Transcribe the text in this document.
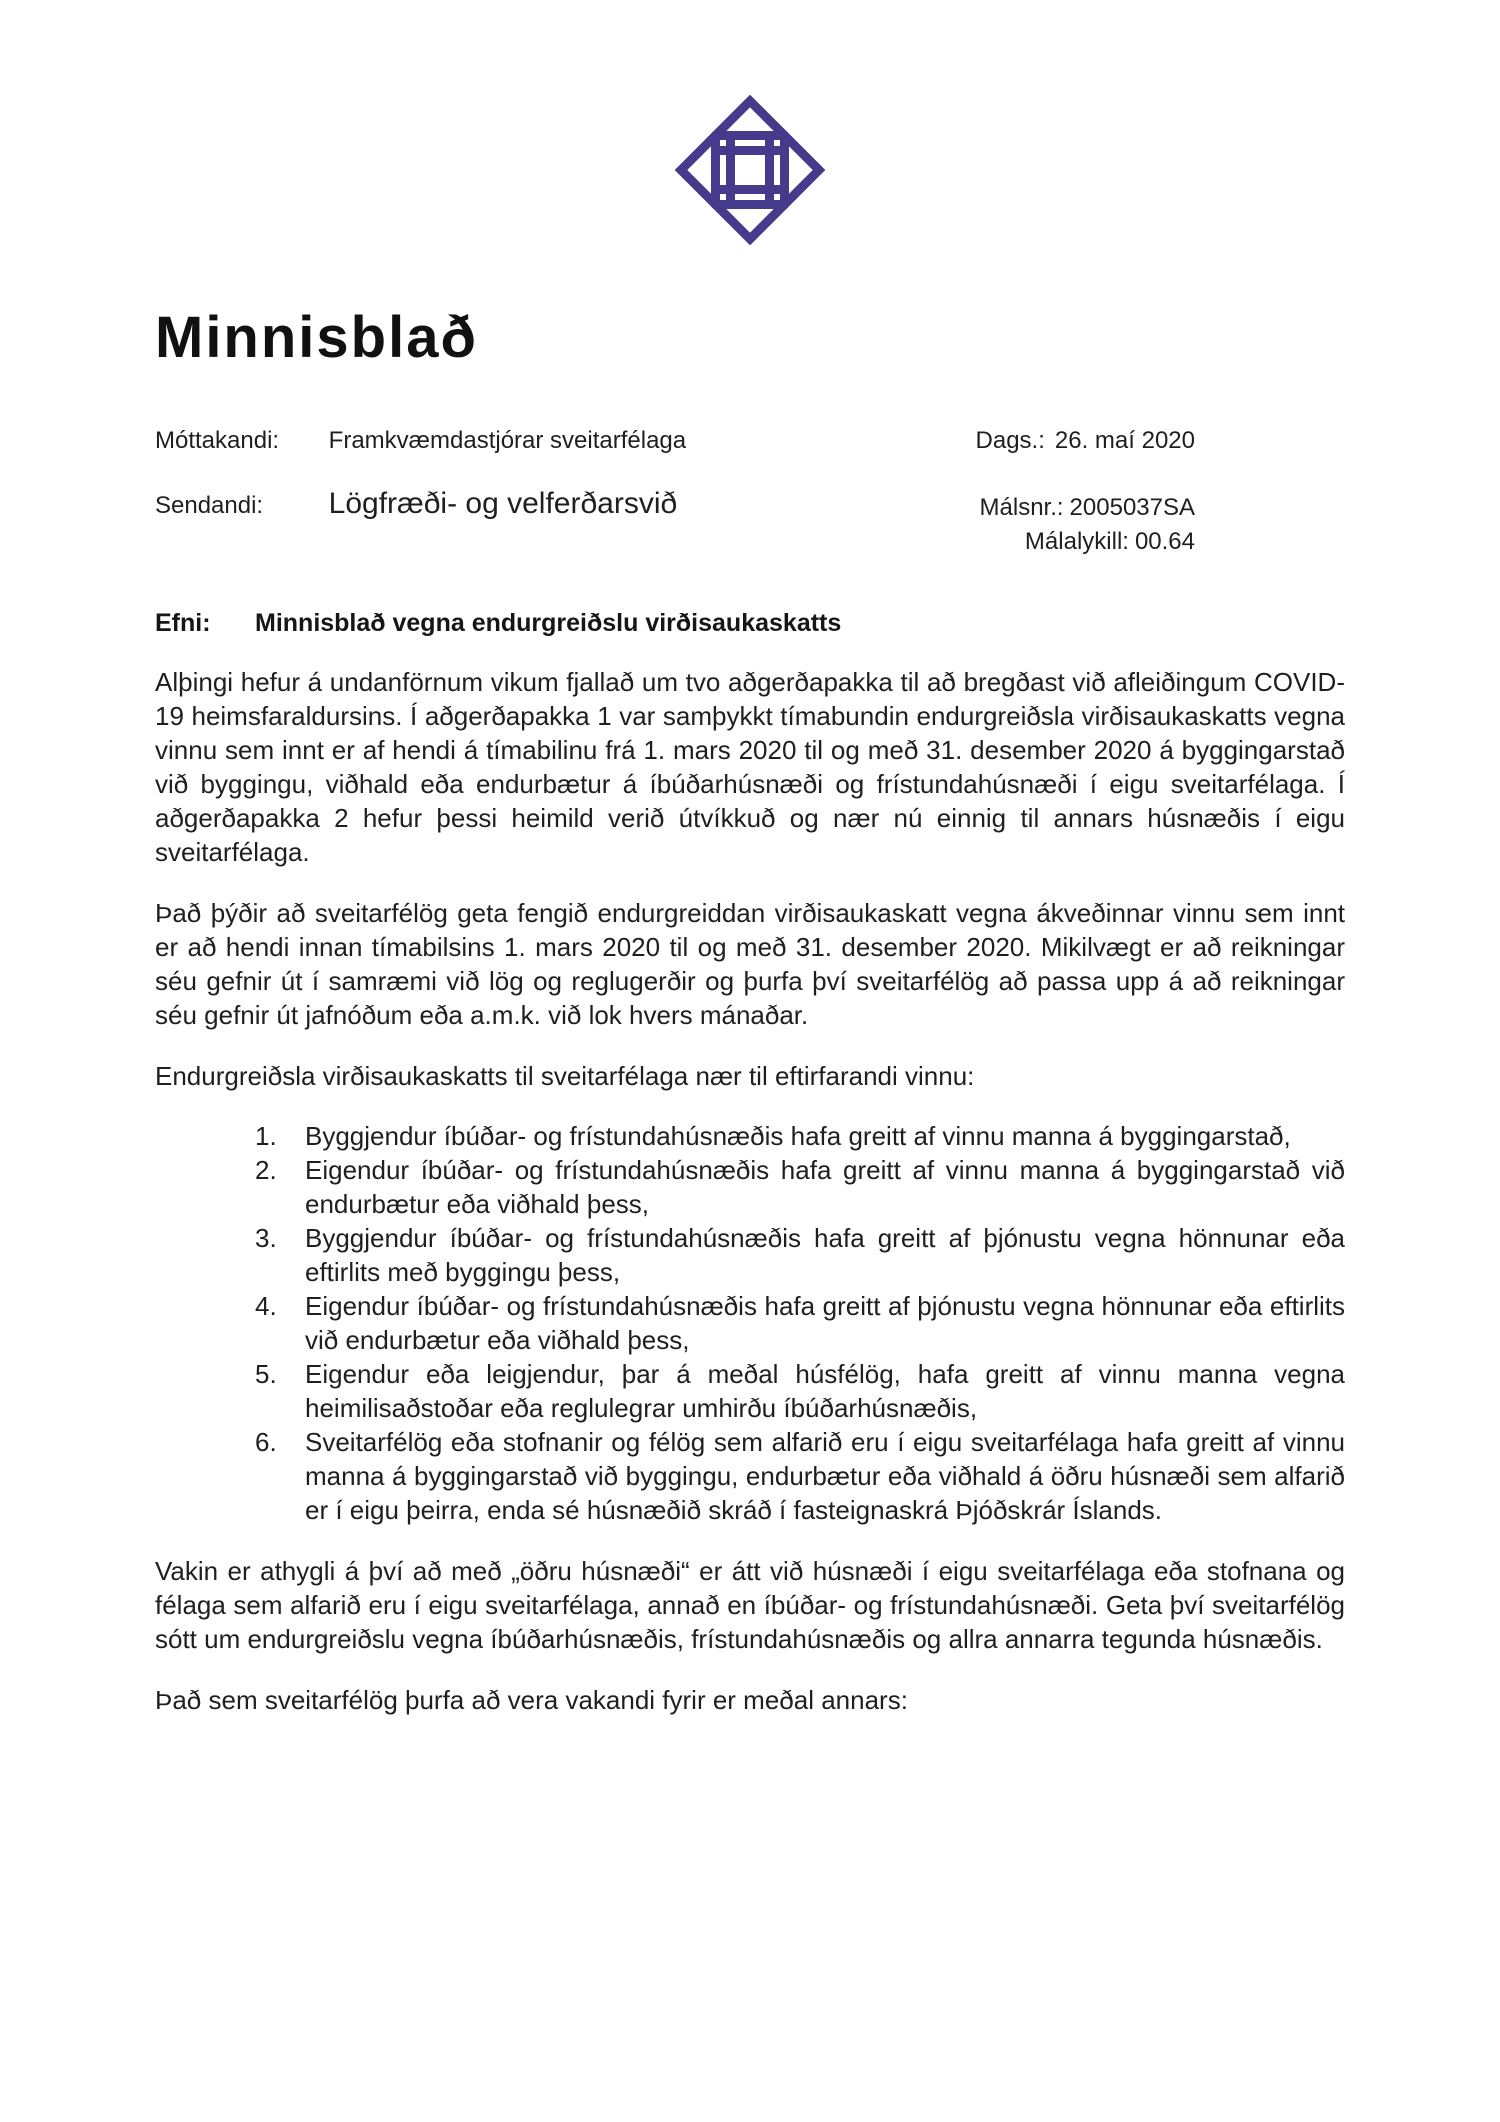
Minnisblað
Móttakandi: Framkvæmdastjórar sveitarfélaga
Sendandi: Lögfræði- og velferðarsvið
Dags.: 26. maí 2020
Málsnr.: 2005037SA
Málalykill: 00.64
Efni:	Minnisblað vegna endurgreiðslu virðisaukaskatts

Alþingi hefur á undanförnum vikum fjallað um tvo aðgerðapakka til að bregðast við afleiðingum COVID-19 heimsfaraldursins. Í aðgerðapakka 1 var samþykkt tímabundin endurgreiðsla virðisaukaskatts vegna vinnu sem innt er af hendi á tímabilinu frá 1. mars 2020 til og með 31. desember 2020 á byggingarstað við byggingu, viðhald eða endurbætur á íbúðarhúsnæði og frístundahúsnæði í eigu sveitarfélaga. Í aðgerðapakka 2 hefur þessi heimild verið útvíkkuð og nær nú einnig til annars húsnæðis í eigu sveitarfélaga.

Það þýðir að sveitarfélög geta fengið endurgreiddan virðisaukaskatt vegna ákveðinnar vinnu sem innt er að hendi innan tímabilsins 1. mars 2020 til og með 31. desember 2020. Mikilvægt er að reikningar séu gefnir út í samræmi við lög og reglugerðir og þurfa því sveitarfélög að passa upp á að reikningar séu gefnir út jafnóðum eða a.m.k. við lok hvers mánaðar.

Endurgreiðsla virðisaukaskatts til sveitarfélaga nær til eftirfarandi vinnu:

1. Byggjendur íbúðar- og frístundahúsnæðis hafa greitt af vinnu manna á byggingarstað,
2. Eigendur íbúðar- og frístundahúsnæðis hafa greitt af vinnu manna á byggingarstað við endurbætur eða viðhald þess,
3. Byggjendur íbúðar- og frístundahúsnæðis hafa greitt af þjónustu vegna hönnunar eða eftirlits með byggingu þess,
4. Eigendur íbúðar- og frístundahúsnæðis hafa greitt af þjónustu vegna hönnunar eða eftirlits við endurbætur eða viðhald þess,
5. Eigendur eða leigjendur, þar á meðal húsfélög, hafa greitt af vinnu manna vegna heimilisaðstoðar eða reglulegrar umhirðu íbúðarhúsnæðis,
6. Sveitarfélög eða stofnanir og félög sem alfarið eru í eigu sveitarfélaga hafa greitt af vinnu manna á byggingarstað við byggingu, endurbætur eða viðhald á öðru húsnæði sem alfarið er í eigu þeirra, enda sé húsnæðið skráð í fasteignaskrá Þjóðskrár Íslands.

Vakin er athygli á því að með „öðru húsnæði“ er átt við húsnæði í eigu sveitarfélaga eða stofnana og félaga sem alfarið eru í eigu sveitarfélaga, annað en íbúðar- og frístundahúsnæði. Geta því sveitarfélög sótt um endurgreiðslu vegna íbúðarhúsnæðis, frístundahúsnæðis og allra annarra tegunda húsnæðis.

Það sem sveitarfélög þurfa að vera vakandi fyrir er meðal annars:
